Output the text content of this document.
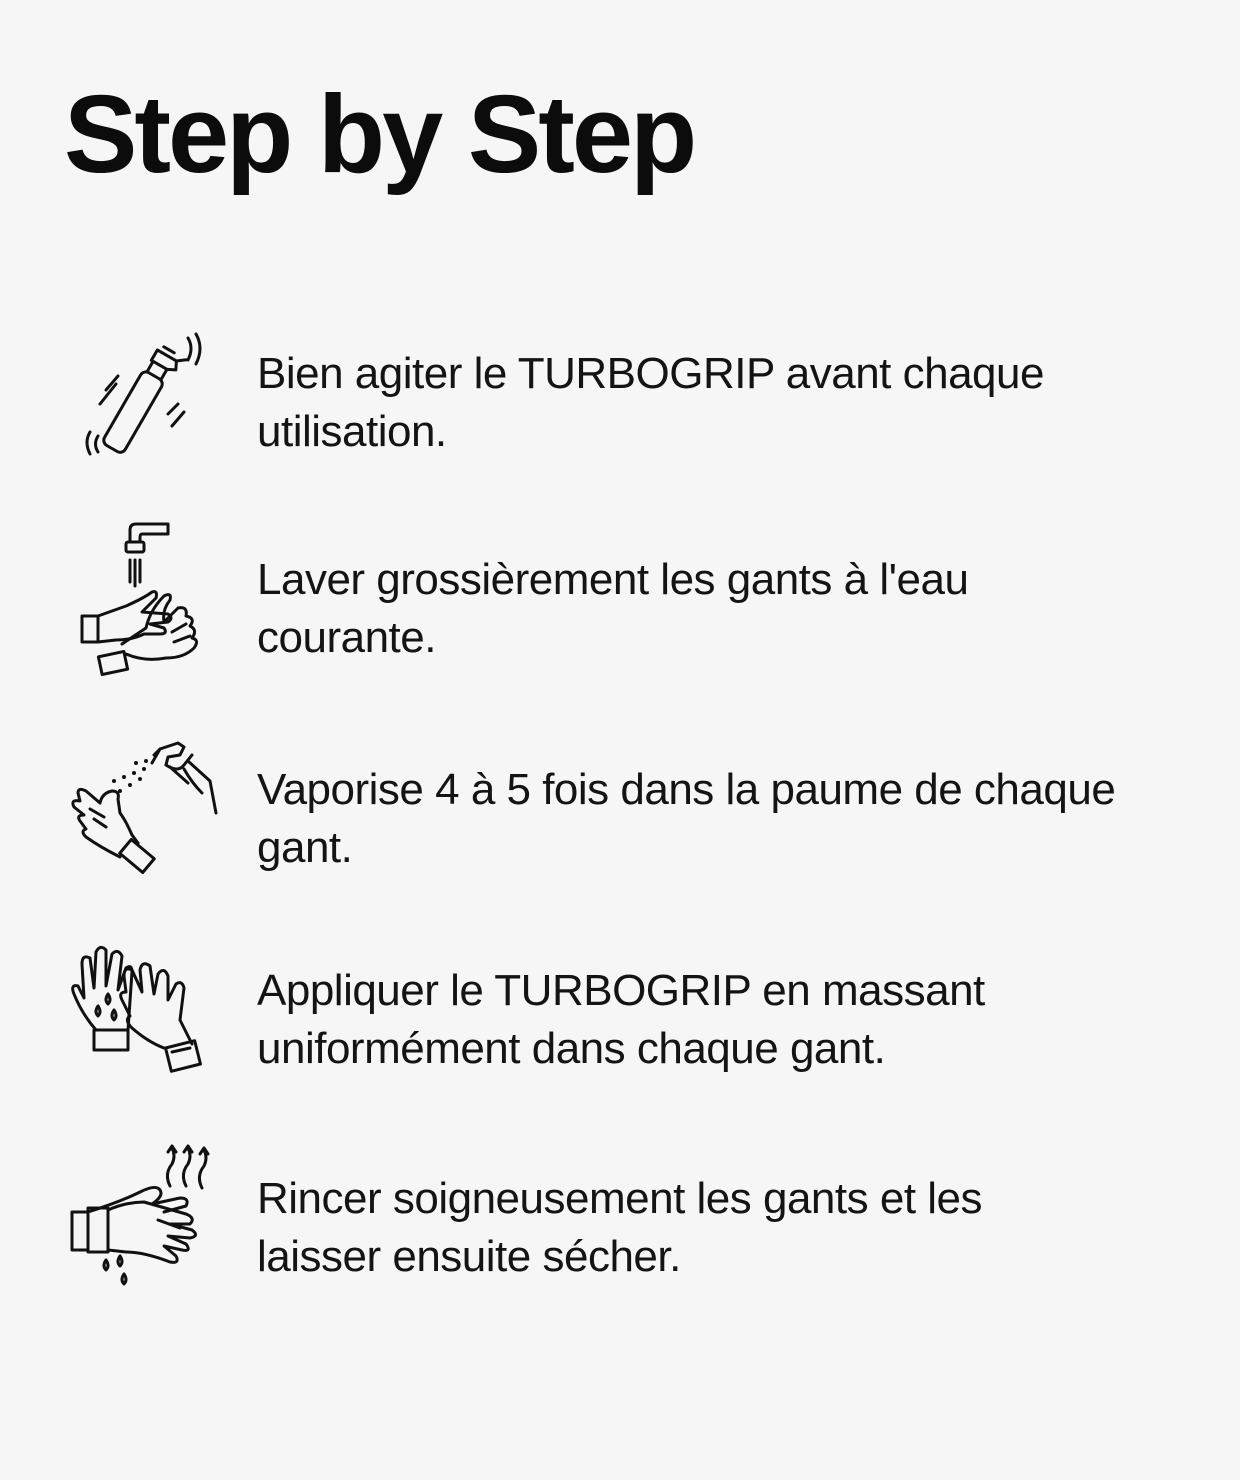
Step by Step

Bien agiter le TURBOGRIP avant chaque utilisation.

Laver grossièrement les gants à l'eau courante.

Vaporise 4 à 5 fois dans la paume de chaque gant.

Appliquer le TURBOGRIP en massant uniformément dans chaque gant.

Rincer soigneusement les gants et les laisser ensuite sécher.
